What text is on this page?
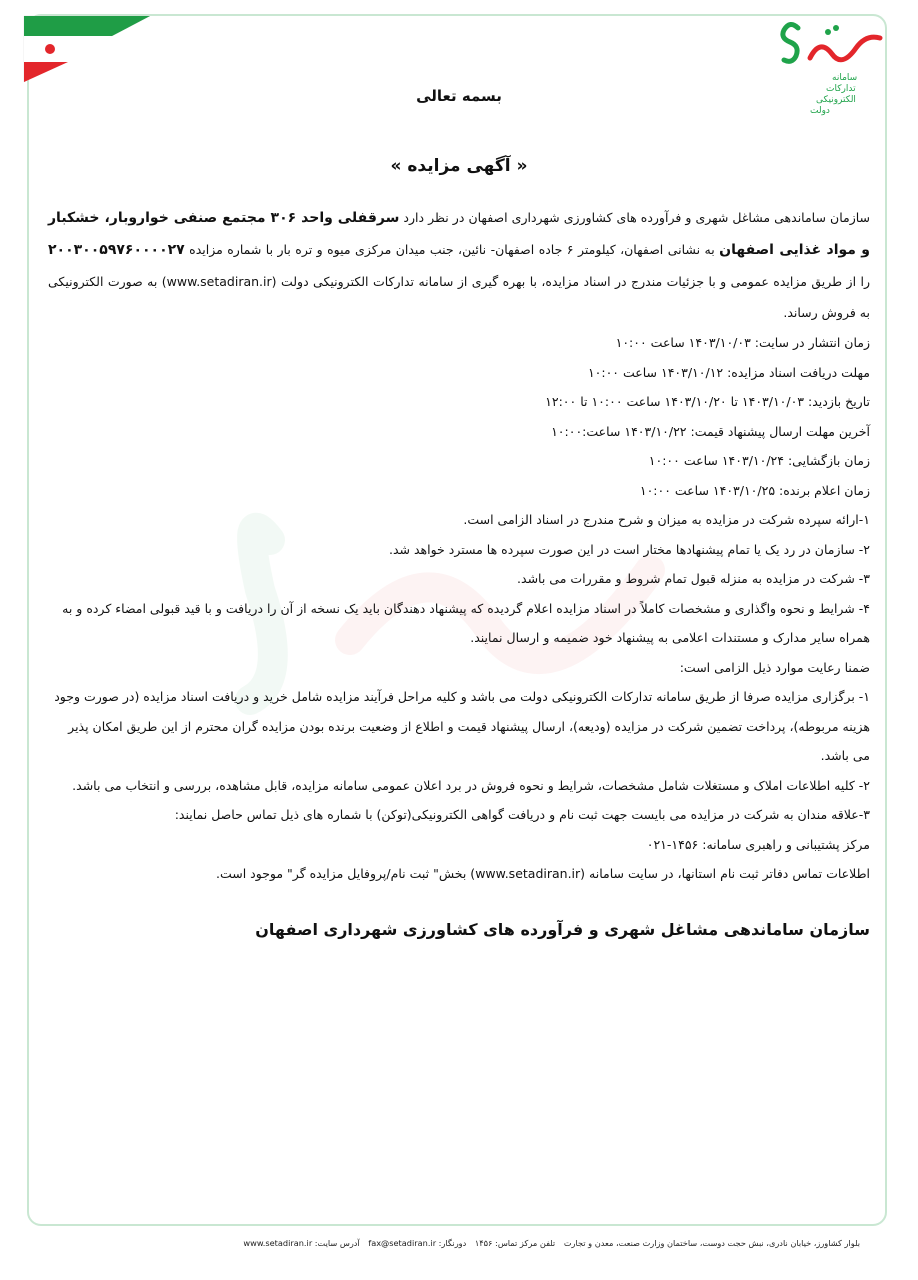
سامانه
تدارکات
الکترونیکی
دولت

بسمه تعالی

« آگهی مزایده »

سازمان ساماندهی مشاغل شهری و فرآورده های کشاورزی شهرداری اصفهان در نظر دارد سرقفلی واحد ۳۰۶ مجتمع صنفی خواروبار، خشکبار و مواد غذایی اصفهان به نشانی اصفهان، کیلومتر ۶ جاده اصفهان- نائین، جنب میدان مرکزی میوه و تره بار با شماره مزایده ۲۰۰۳۰۰۵۹۷۶۰۰۰۰۲۷ را از طریق مزایده عمومی و با جزئیات مندرج در اسناد مزایده، با بهره گیری از سامانه تدارکات الکترونیکی دولت (www.setadiran.ir) به صورت الکترونیکی به فروش رساند.

زمان انتشار در سایت: ۱۴۰۳/۱۰/۰۳ ساعت ۱۰:۰۰

مهلت دریافت اسناد مزایده: ۱۴۰۳/۱۰/۱۲ ساعت ۱۰:۰۰

تاریخ بازدید: ۱۴۰۳/۱۰/۰۳ تا ۱۴۰۳/۱۰/۲۰ ساعت ۱۰:۰۰ تا ۱۲:۰۰

آخرین مهلت ارسال پیشنهاد قیمت: ۱۴۰۳/۱۰/۲۲ ساعت:۱۰:۰۰

زمان بازگشایی: ۱۴۰۳/۱۰/۲۴ ساعت ۱۰:۰۰

زمان اعلام برنده: ۱۴۰۳/۱۰/۲۵ ساعت ۱۰:۰۰

۱-ارائه سپرده شرکت در مزایده به میزان و شرح مندرج در اسناد الزامی است.

۲- سازمان در رد یک یا تمام پیشنهادها مختار است در این صورت سپرده ها مسترد خواهد شد.

۳- شرکت در مزایده به منزله قبول تمام شروط و مقررات می باشد.

۴- شرایط و نحوه واگذاری و مشخصات کاملاً در اسناد مزایده اعلام گردیده که پیشنهاد دهندگان باید یک نسخه از آن را دریافت و با قید قبولی امضاء کرده و به همراه سایر مدارک و مستندات اعلامی به پیشنهاد خود ضمیمه و ارسال نمایند.

ضمنا رعایت موارد ذیل الزامی است:

۱- برگزاری مزایده صرفا از طریق سامانه تدارکات الکترونیکی دولت می باشد و کلیه مراحل فرآیند مزایده شامل خرید و دریافت اسناد مزایده (در صورت وجود هزینه مربوطه)، پرداخت تضمین شرکت در مزایده (ودیعه)، ارسال پیشنهاد قیمت و اطلاع از وضعیت برنده بودن مزایده گران محترم از این طریق امکان پذیر می باشد.

۲- کلیه اطلاعات املاک و مستغلات شامل مشخصات، شرایط و نحوه فروش در برد اعلان عمومی سامانه مزایده، قابل مشاهده، بررسی و انتخاب می باشد.

۳-علاقه مندان به شرکت در مزایده می بایست جهت ثبت نام و دریافت گواهی الکترونیکی(توکن) با شماره های ذیل تماس حاصل نمایند:

مرکز پشتیبانی و راهبری سامانه: ۱۴۵۶-۰۲۱

اطلاعات تماس دفاتر ثبت نام استانها، در سایت سامانه (www.setadiran.ir) بخش" ثبت نام/پروفایل مزایده گر" موجود است.

سازمان ساماندهی مشاغل شهری و فرآورده های کشاورزی شهرداری اصفهان

بلوار کشاورز، خیابان نادری، نبش حجت دوست، ساختمان وزارت صنعت، معدن و تجارت تلفن مرکز تماس: ۱۴۵۶ دورنگار: fax@setadiran.ir آدرس سایت: www.setadiran.ir
